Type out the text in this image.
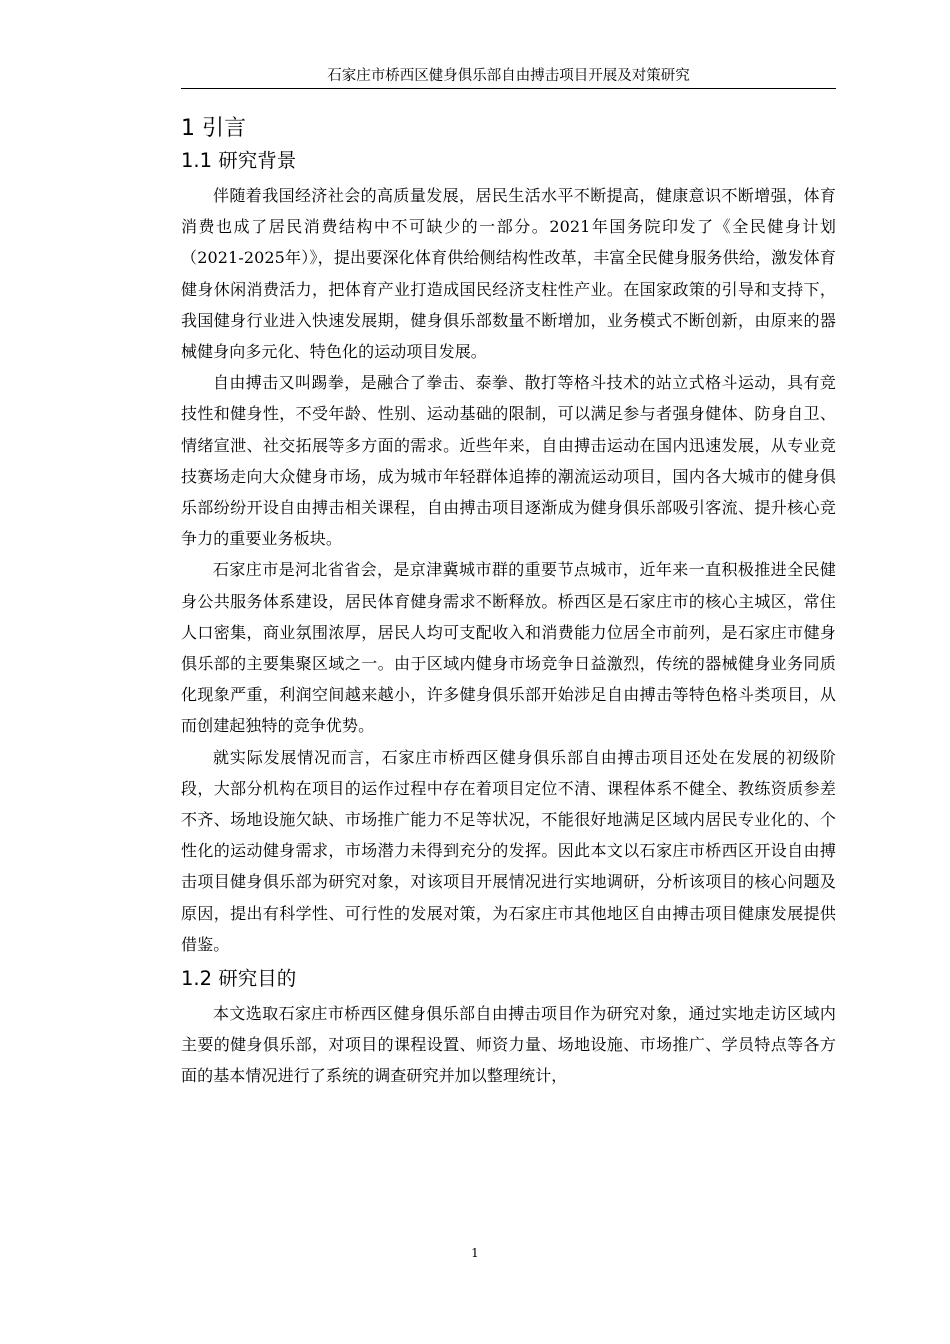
石家庄市桥西区健身俱乐部自由搏击项目开展及对策研究
1 引言
1.1 研究背景

伴随着我国经济社会的高质量发展，居民生活水平不断提高，健康意识不断增强，体育消费也成了居民消费结构中不可缺少的一部分。2021年国务院印发了《全民健身计划（2021-2025年）》，提出要深化体育供给侧结构性改革，丰富全民健身服务供给，激发体育健身休闲消费活力，把体育产业打造成国民经济支柱性产业。在国家政策的引导和支持下，我国健身行业进入快速发展期，健身俱乐部数量不断增加，业务模式不断创新，由原来的器械健身向多元化、特色化的运动项目发展。

自由搏击又叫踢拳，是融合了拳击、泰拳、散打等格斗技术的站立式格斗运动，具有竞技性和健身性，不受年龄、性别、运动基础的限制，可以满足参与者强身健体、防身自卫、情绪宣泄、社交拓展等多方面的需求。近些年来，自由搏击运动在国内迅速发展，从专业竞技赛场走向大众健身市场，成为城市年轻群体追捧的潮流运动项目，国内各大城市的健身俱乐部纷纷开设自由搏击相关课程，自由搏击项目逐渐成为健身俱乐部吸引客流、提升核心竞争力的重要业务板块。

石家庄市是河北省省会，是京津冀城市群的重要节点城市，近年来一直积极推进全民健身公共服务体系建设，居民体育健身需求不断释放。桥西区是石家庄市的核心主城区，常住人口密集，商业氛围浓厚，居民人均可支配收入和消费能力位居全市前列，是石家庄市健身俱乐部的主要集聚区域之一。由于区域内健身市场竞争日益激烈，传统的器械健身业务同质化现象严重，利润空间越来越小，许多健身俱乐部开始涉足自由搏击等特色格斗类项目，从而创建起独特的竞争优势。

就实际发展情况而言，石家庄市桥西区健身俱乐部自由搏击项目还处在发展的初级阶段，大部分机构在项目的运作过程中存在着项目定位不清、课程体系不健全、教练资质参差不齐、场地设施欠缺、市场推广能力不足等状况，不能很好地满足区域内居民专业化的、个性化的运动健身需求，市场潜力未得到充分的发挥。因此本文以石家庄市桥西区开设自由搏击项目健身俱乐部为研究对象，对该项目开展情况进行实地调研，分析该项目的核心问题及原因，提出有科学性、可行性的发展对策，为石家庄市其他地区自由搏击项目健康发展提供借鉴。

1.2 研究目的

本文选取石家庄市桥西区健身俱乐部自由搏击项目作为研究对象，通过实地走访区域内主要的健身俱乐部，对项目的课程设置、师资力量、场地设施、市场推广、学员特点等各方面的基本情况进行了系统的调查研究并加以整理统计，

1
